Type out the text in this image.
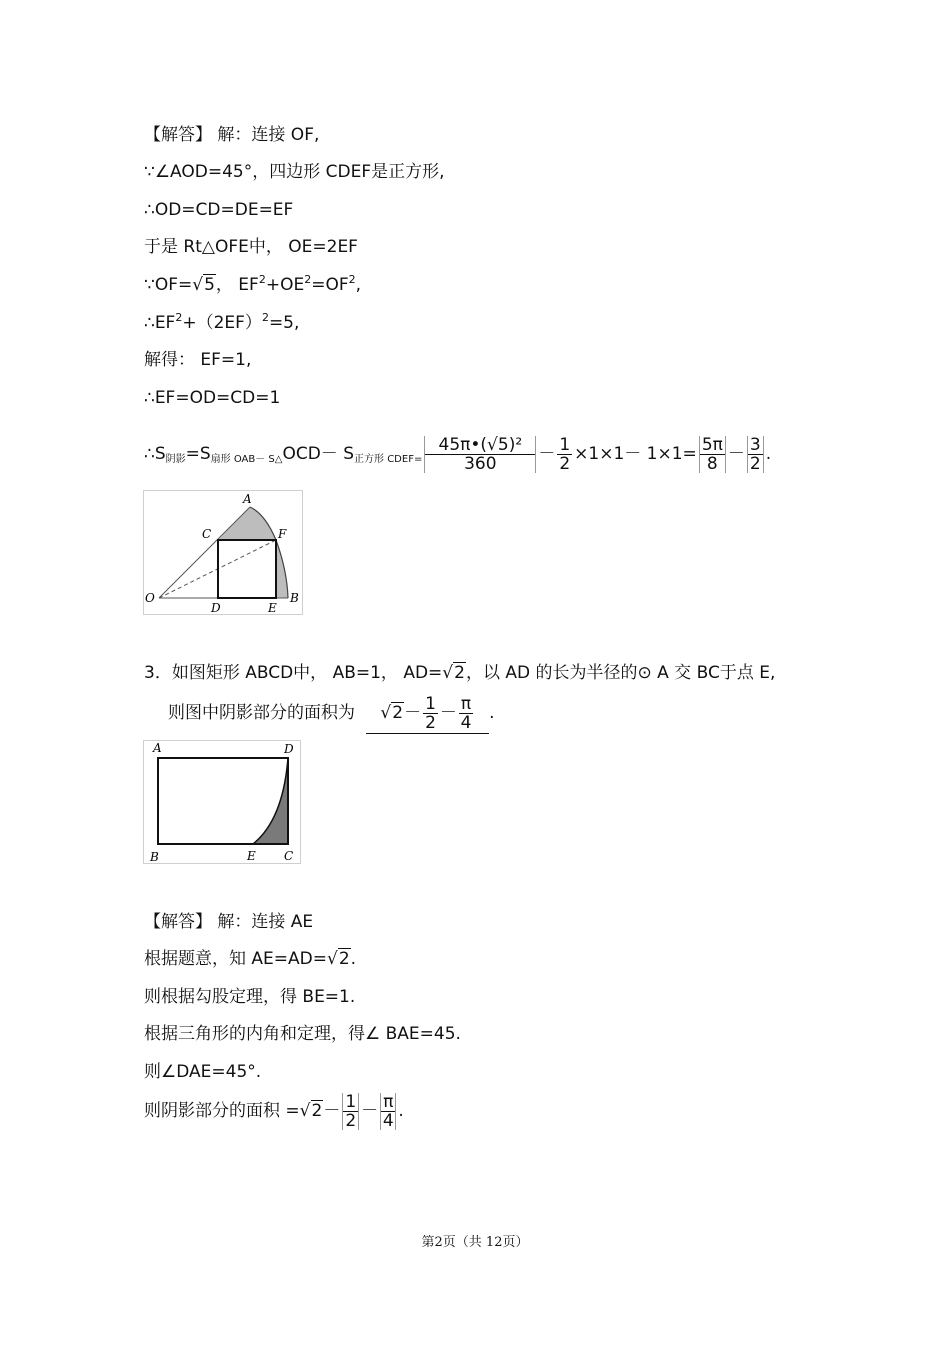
【解答】 解：连接 OF,
∵∠AOD=45°，四边形 CDEF是正方形,
∴OD=CD=DE=EF
于是 Rt△OFE中， OE=2EF
∵OF=√5， $EF^2+OE^2=OF^2$,
$\therefore EF^2+(2EF)^2=5$,
解得： EF=1,
∴EF=OD=CD=1
∴S阴影=S扇形 OAB－ S△OCD－ S正方形 CDEF= $\frac{\text{45π•(√5)²}}{360} - \frac{1}{2} \times 1\times 1- 1\times 1= \frac{5\pi}{8} - \frac{3}{2}$ .
A
C	F
O
D	E
B
3．如图矩形 ABCD中， AB=1， AD=√2，以 AD 的长为半径的⊙ A 交 BC于点 E,
则图中阴影部分的面积为 $√2- \frac{1}{2} - \frac{\pi}{4}$ .
A	D
B	E C
【解答】 解：连接 AE
根据题意，知 AE=AD=√2.
则根据勾股定理，得 BE=1.
根据三角形的内角和定理，得∠ BAE=45.
则∠DAE=45°.
则阴影部分的面积 $=√2- \frac{1}{2} - \frac{\pi}{4}$ .
第2页（共 12页）
